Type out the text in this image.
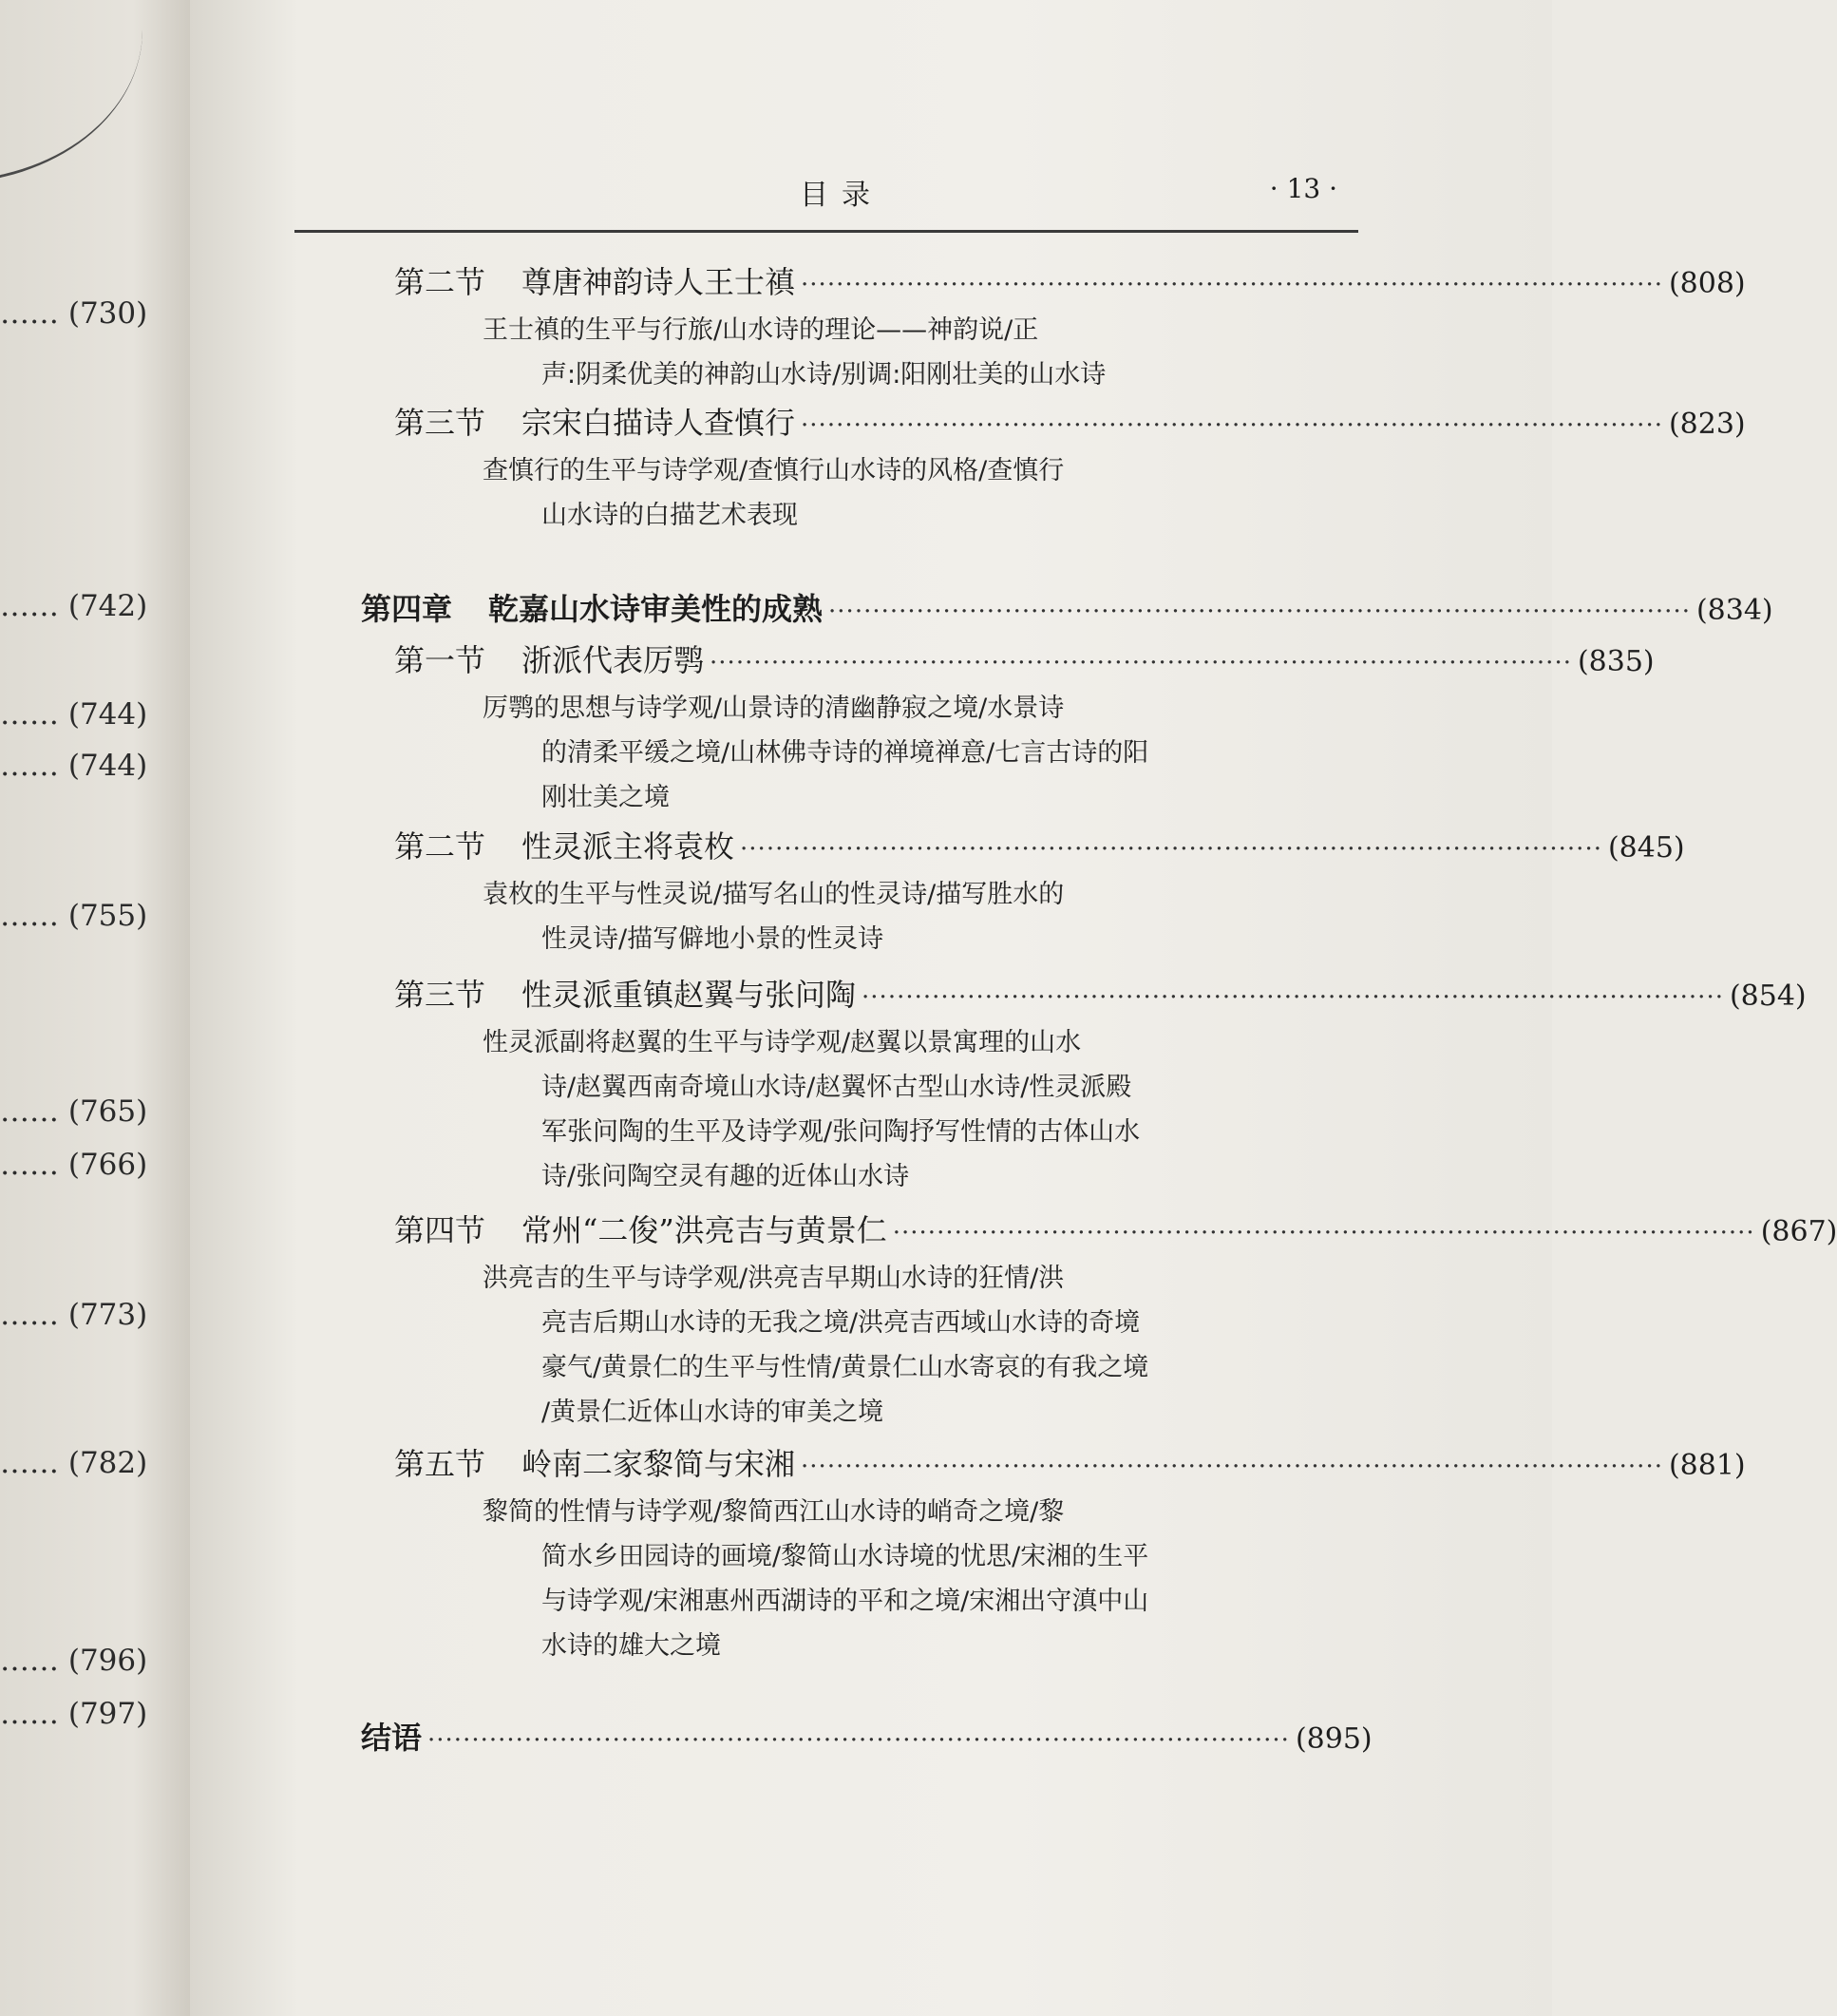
…… (730)
…… (742)
…… (744)
…… (744)
…… (755)
…… (765)
…… (766)
…… (773)
…… (782)
…… (796)
…… (797)
目录	· 13 ·
第二节 尊唐神韵诗人王士禛 ·································································································· (808)
王士禛的生平与行旅/山水诗的理论——神韵说/正
声:阴柔优美的神韵山水诗/别调:阳刚壮美的山水诗
第三节 宗宋白描诗人查慎行 ·································································································· (823)
查慎行的生平与诗学观/查慎行山水诗的风格/查慎行
山水诗的白描艺术表现
第四章 乾嘉山水诗审美性的成熟 ·································································································· (834)
第一节 浙派代表厉鹗 ·································································································· (835)
厉鹗的思想与诗学观/山景诗的清幽静寂之境/水景诗
的清柔平缓之境/山林佛寺诗的禅境禅意/七言古诗的阳
刚壮美之境
第二节 性灵派主将袁枚 ·································································································· (845)
袁枚的生平与性灵说/描写名山的性灵诗/描写胜水的
性灵诗/描写僻地小景的性灵诗
第三节 性灵派重镇赵翼与张问陶 ·································································································· (854)
性灵派副将赵翼的生平与诗学观/赵翼以景寓理的山水
诗/赵翼西南奇境山水诗/赵翼怀古型山水诗/性灵派殿
军张问陶的生平及诗学观/张问陶抒写性情的古体山水
诗/张问陶空灵有趣的近体山水诗
第四节 常州“二俊”洪亮吉与黄景仁 ·································································································· (867)
洪亮吉的生平与诗学观/洪亮吉早期山水诗的狂情/洪
亮吉后期山水诗的无我之境/洪亮吉西域山水诗的奇境
豪气/黄景仁的生平与性情/黄景仁山水寄哀的有我之境
/黄景仁近体山水诗的审美之境
第五节 岭南二家黎简与宋湘 ·································································································· (881)
黎简的性情与诗学观/黎简西江山水诗的峭奇之境/黎
简水乡田园诗的画境/黎简山水诗境的忧思/宋湘的生平
与诗学观/宋湘惠州西湖诗的平和之境/宋湘出守滇中山
水诗的雄大之境
结语 ·································································································· (895)
